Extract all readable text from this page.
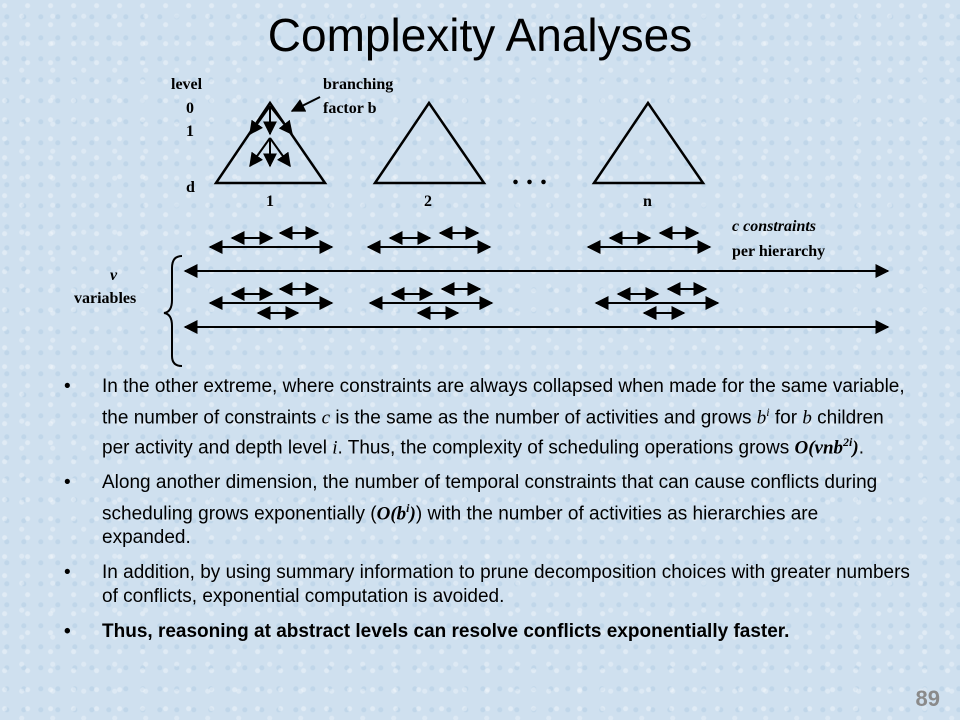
Complexity Analyses
level
0
1
d
branching
factor b
1	2	n
. . .
c constraints
per hierarchy
v
variables
• In the other extreme, where constraints are always collapsed when made for the same variable, the number of constraints c is the same as the number of activities and grows $b^i$ for b children per activity and depth level i. Thus, the complexity of scheduling operations grows O(vnb$^{2i}$).
• Along another dimension, the number of temporal constraints that can cause conflicts during scheduling grows exponentially $(O(b^i))$ with the number of activities as hierarchies are expanded.
• In addition, by using summary information to prune decomposition choices with greater numbers of conflicts, exponential computation is avoided.
• Thus, reasoning at abstract levels can resolve conflicts exponentially faster.
89
